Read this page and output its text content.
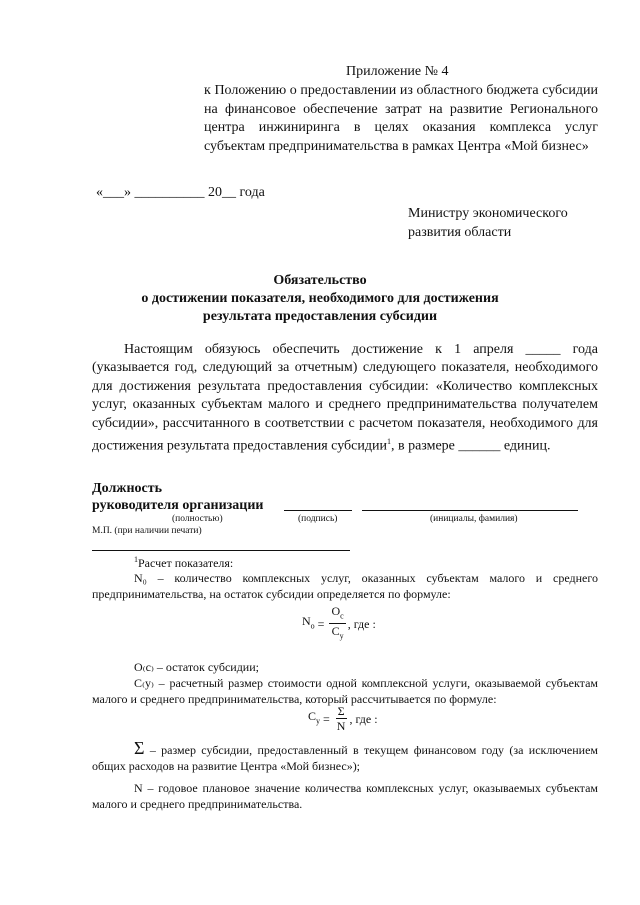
Приложение № 4

к Положению о предоставлении из областного бюджета субсидии на финансовое обеспечение затрат на развитие Регионального центра инжиниринга в целях оказания комплекса услуг субъектам предпринимательства в рамках Центра «Мой бизнес»

«___» __________ 20__ года

Министру экономического
развития области
Обязательство
о достижении показателя, необходимого для достижения
результата предоставления субсидии

Настоящим обязуюсь обеспечить достижение к 1 апреля _____ года (указывается год, следующий за отчетным) следующего показателя, необходимого для достижения результата предоставления субсидии: «Количество комплексных услуг, оказанных субъектам малого и среднего предпринимательства получателем субсидии», рассчитанного в соответствии с расчетом показателя, необходимого для достижения результата предоставления субсидии$^1$, в размере ______ единиц.

Должность
руководителя организации
(полностью)	(подпись)	(инициалы, фамилия)
М.П. (при наличии печати)

$^1$Расчет показателя:

N₀ – количество комплексных услуг, оказанных субъектам малого и среднего предпринимательства, на остаток субсидии определяется по формуле:

$N_о = \frac{O_с}{C_у}$ , где :

О₍с₎ – остаток субсидии;

С₍у₎ – расчетный размер стоимости одной комплексной услуги, оказываемой субъектам малого и среднего предпринимательства, который рассчитывается по формуле:

$C_у = \frac{\Sigma}{N}$ , где :

Σ – размер субсидии, предоставленный в текущем финансовом году (за исключением общих расходов на развитие Центра «Мой бизнес»);

N – годовое плановое значение количества комплексных услуг, оказываемых субъектам малого и среднего предпринимательства.
